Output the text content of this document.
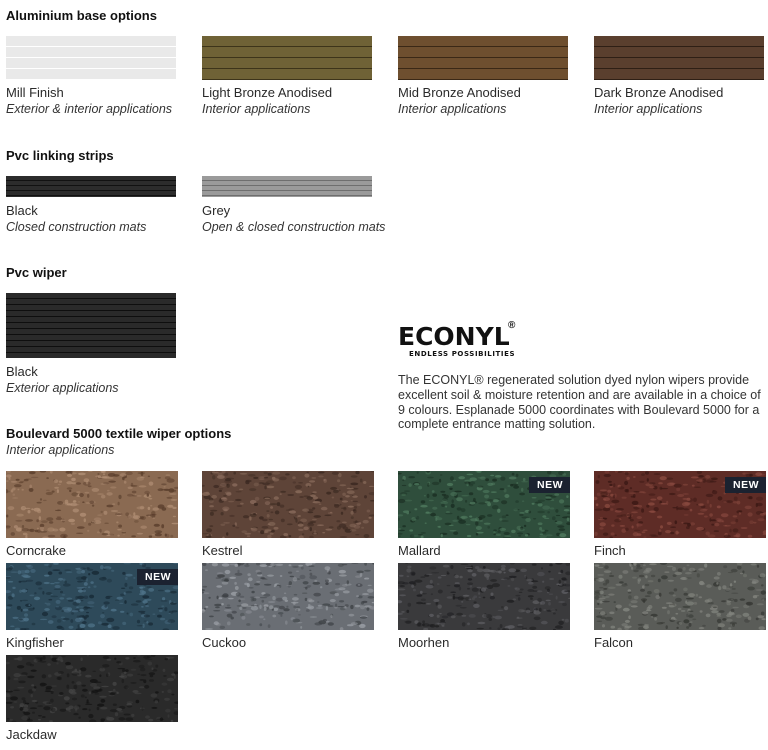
Aluminium base options
Mill Finish
Exterior & interior applications
Light Bronze Anodised
Interior applications
Mid Bronze Anodised
Interior applications
Dark Bronze Anodised
Interior applications
Pvc linking strips
Black
Closed construction mats
Grey
Open & closed construction mats
Pvc wiper
Black
Exterior applications
ECONYL
®
ENDLESS POSSIBILITIES
The ECONYL® regenerated solution dyed nylon wipers provide excellent soil & moisture retention and are available in a choice of 9 colours. Esplanade 5000 coordinates with Boulevard 5000 for a complete entrance matting solution.
Boulevard 5000 textile wiper options
Interior applications
Corncrake	Kestrel
NEW
Mallard
NEW
Finch
NEW
Kingfisher	Cuckoo	Moorhen	Falcon
Jackdaw
